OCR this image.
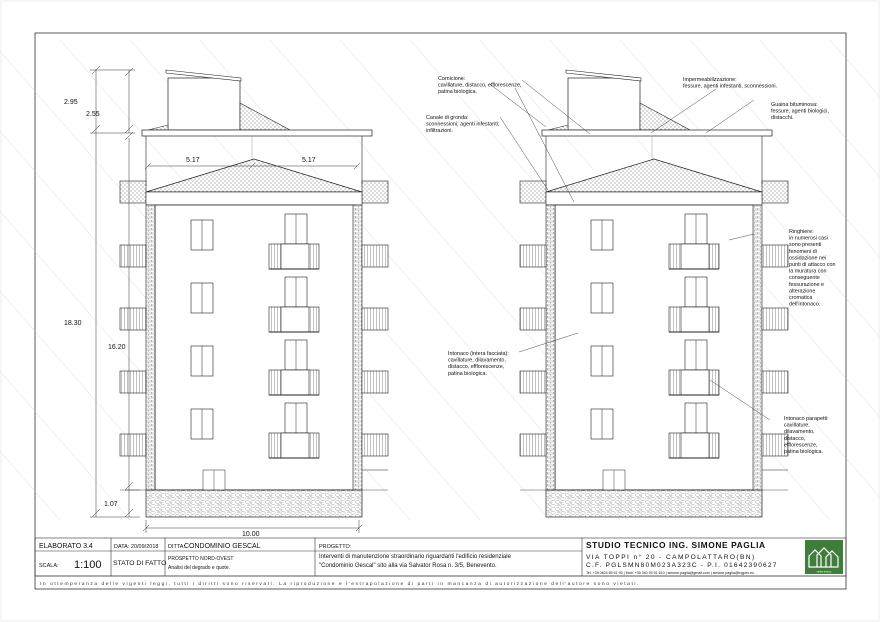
2.95
2.55
18.30
16.20
1.07
10.00
5.17	5.17
Cornicione: cavillature, distacco, efflorescenze, patina biologica.
Impermeabilizzazione: fessure, agenti infestanti, sconnessioni.
Guaina bituminosa: fessure, agenti biologici, distacchi.
Canale di gronda: sconnessioni; agenti infestanti; infiltrazioni.
Ringhiere: in numerosi casi sono presenti fenomeni di ossidazione nei punti di attacco con la muratura con conseguente fessurazione e alterazione cromatica dell'intonaco.
Intonaco (intera facciata): cavillature, dilavamento, distacco, efflorescenze, patina biologica.
Intonaco parapetti: cavillature, dilavamento, distacco, efflorescenze, patina biologica.
ELABORATO 3.4	DATA: 20/09/2018 DITTA:
CONDOMINIO GESCAL
SCALA: 1:100 STATO DI FATTO
PROSPETTO NORD-OVEST
Analisi del degrado e quote.
PROGETTO:
Interventi di manutenzione straordinario riguardanti l'edificio residenziale
"Condominio Gescal" sito alla via Salvator Rosa n. 3/5, Benevento.
STUDIO TECNICO ING. SIMONE PAGLIA
VIA TOPPI n° 20 - CAMPOLATTARO(BN)
C.F. PGLSMN80M023A323C - P.I. 01642390627
Tel. +39 0824 85 61 93 | Mob. +39 340 93 51 610 | simone.paglia@gmail.com | simone.paglia@ingpec.eu
In ottemperanza delle vigenti leggi, tutti i diritti sono riservati. La riproduzione e l'estrapolazione di parti in mancanza di autorizzazione dell'autore sono vietati.
studio tecnico
